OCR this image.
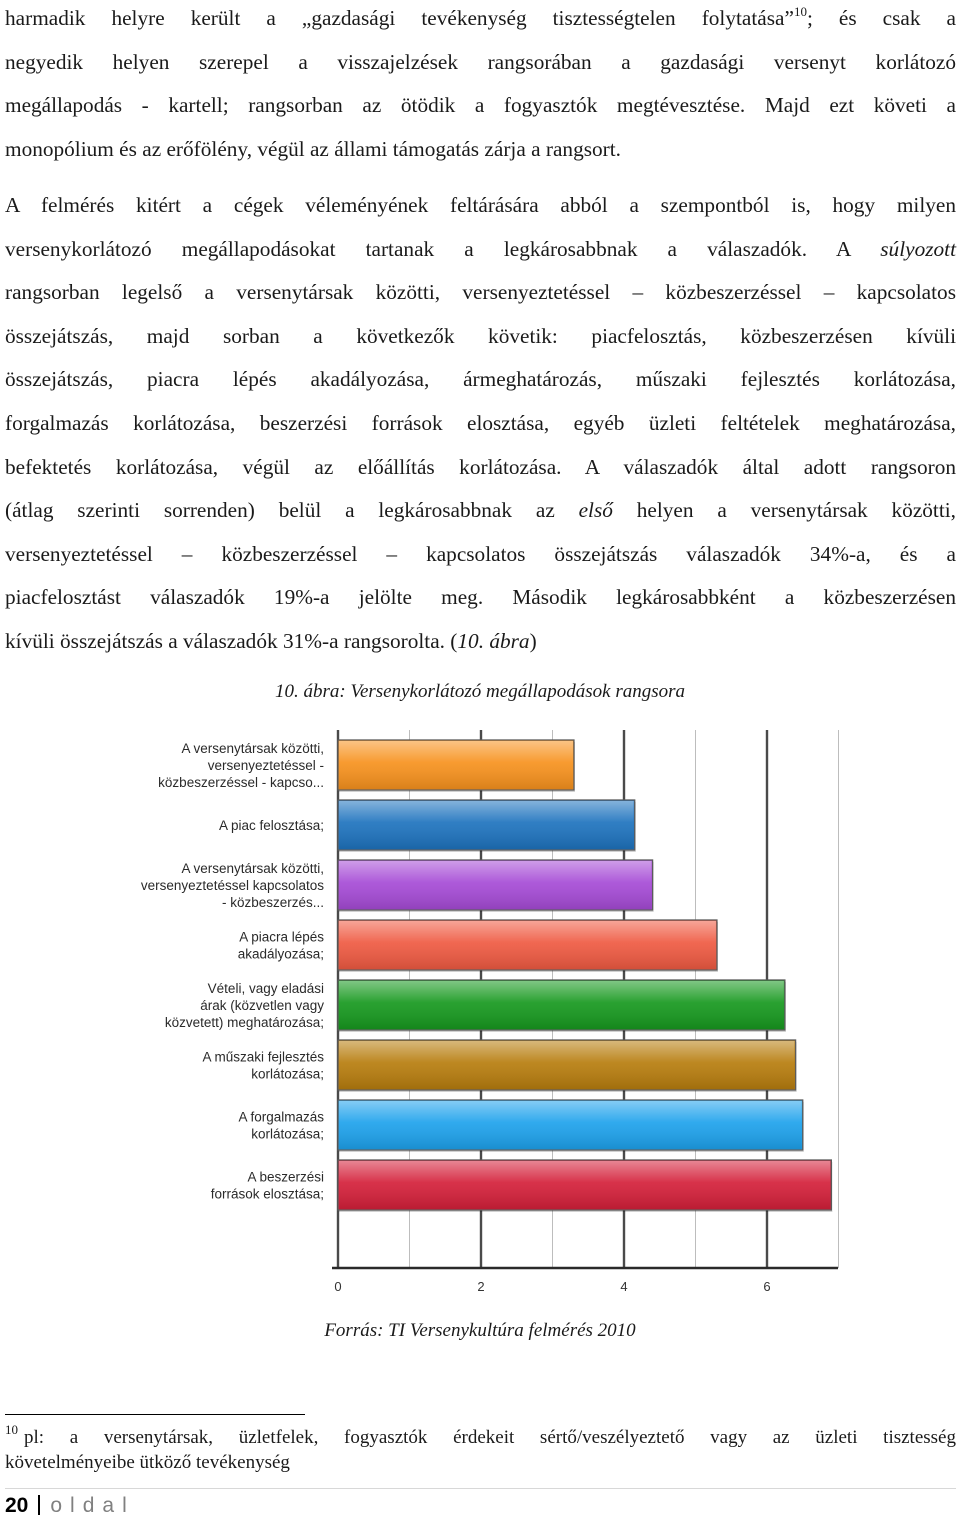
harmadik helyre került a „gazdasági tevékenység tisztességtelen folytatása”$^{10}$; és csak a
negyedik helyen szerepel a visszajelzések rangsorában a gazdasági versenyt korlátozó
megállapodás - kartell; rangsorban az ötödik a fogyasztók megtévesztése. Majd ezt követi a
monopólium és az erőfölény, végül az állami támogatás zárja a rangsort.

A felmérés kitért a cégek véleményének feltárására abból a szempontból is, hogy milyen
versenykorlátozó megállapodásokat tartanak a legkárosabbnak a válaszadók. A súlyozott
rangsorban legelső a versenytársak közötti, versenyeztetéssel – közbeszerzéssel – kapcsolatos
összejátszás, majd sorban a következők követik: piacfelosztás, közbeszerzésen kívüli
összejátszás, piacra lépés akadályozása, ármeghatározás, műszaki fejlesztés korlátozása,
forgalmazás korlátozása, beszerzési források elosztása, egyéb üzleti feltételek meghatározása,
befektetés korlátozása, végül az előállítás korlátozása. A válaszadók által adott rangsoron
(átlag szerinti sorrenden) belül a legkárosabbnak az első helyen a versenytársak közötti,
versenyeztetéssel – közbeszerzéssel – kapcsolatos összejátszás válaszadók 34%-a, és a
piacfelosztást válaszadók 19%-a jelölte meg. Második legkárosabbként a közbeszerzésen
kívüli összejátszás a válaszadók 31%-a rangsorolta. (10. ábra)

10. ábra: Versenykorlátozó megállapodások rangsora
0	2	4	6
A versenytársak közötti,
versenyeztetéssel -
közbeszerzéssel - kapcso...
A piac felosztása;
A versenytársak közötti,
versenyeztetéssel kapcsolatos
- közbeszerzés...
A piacra lépés
akadályozása;
Vételi, vagy eladási
árak (közvetlen vagy
közvetett) meghatározása;
A műszaki fejlesztés
korlátozása;
A forgalmazás
korlátozása;
A beszerzési
források elosztása;
Forrás: TI Versenykultúra felmérés 2010
$^{10}$ pl: a versenytársak, üzletfelek, fogyasztók érdekeit sértő/veszélyeztető vagy az üzleti tisztesség
követelményeibe ütköző tevékenység
20 oldal
